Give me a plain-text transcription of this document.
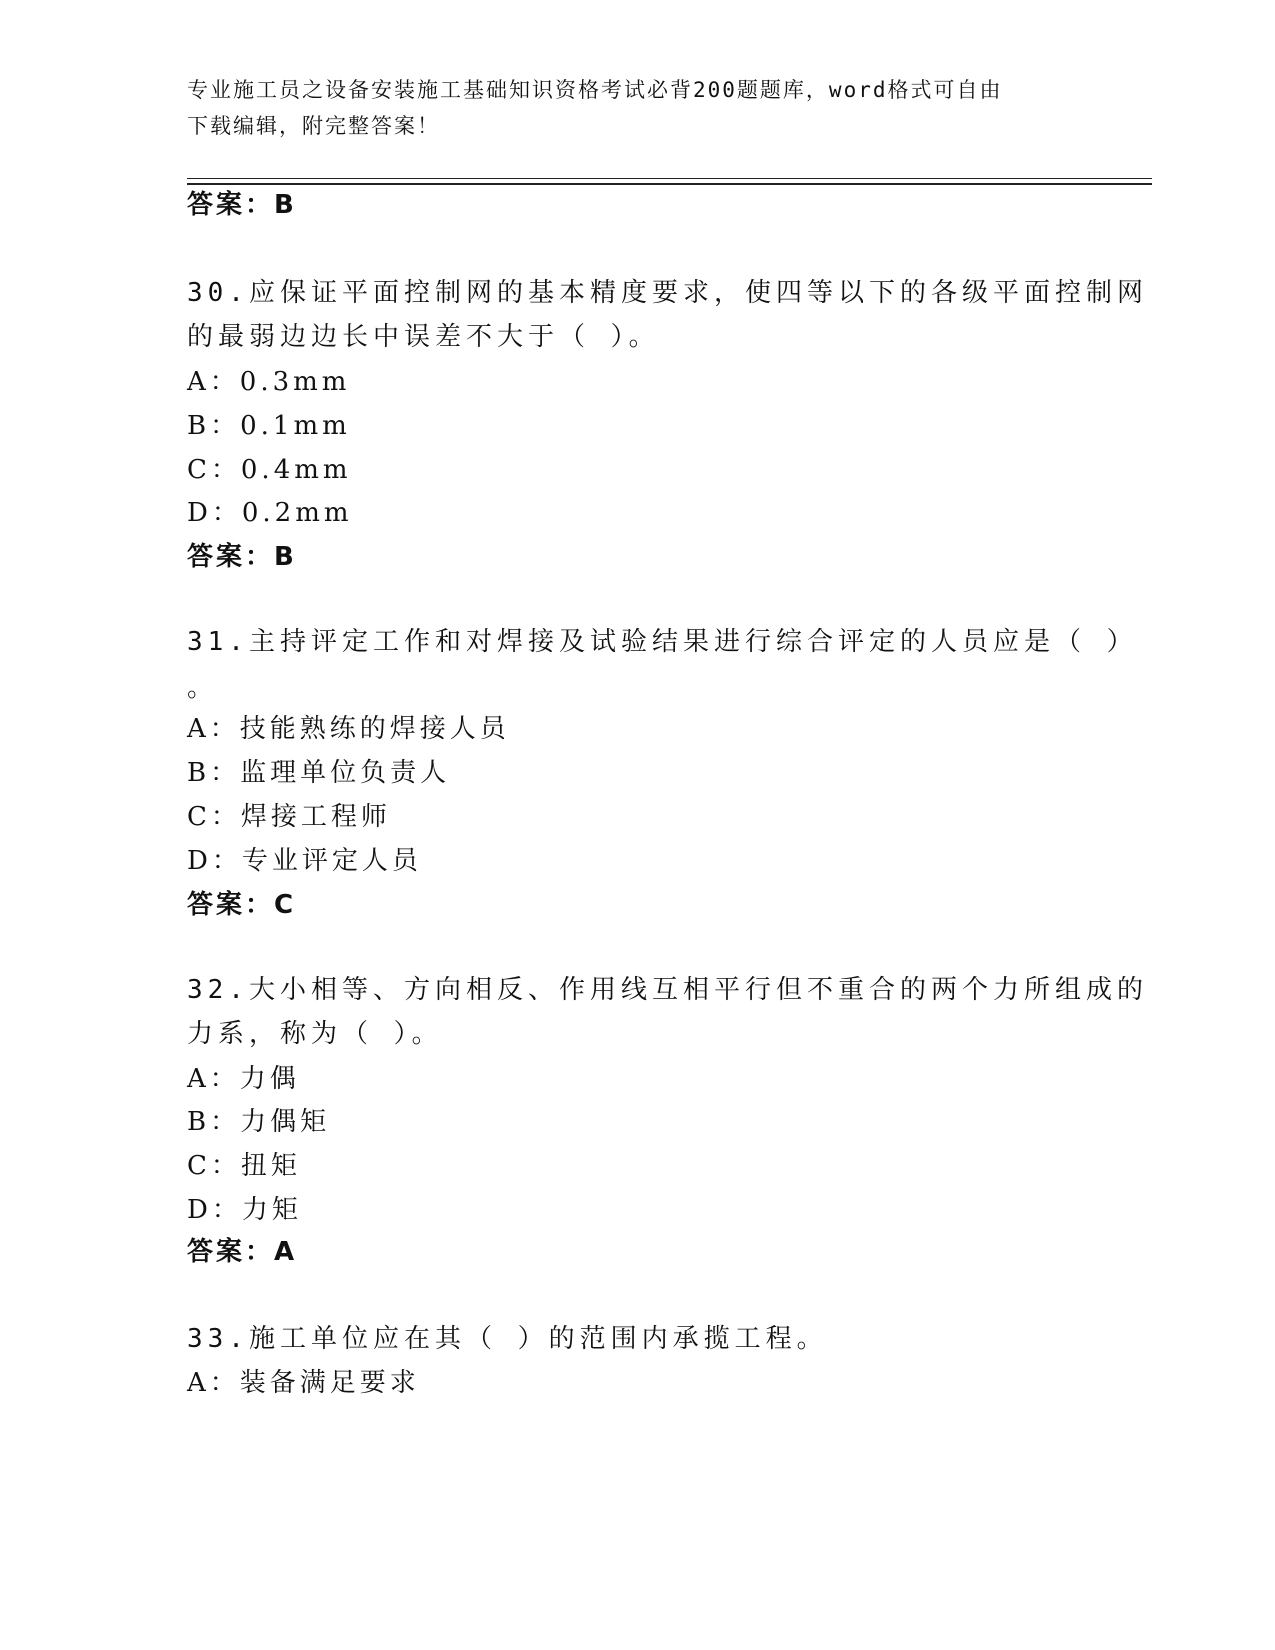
专业施工员之设备安装施工基础知识资格考试必背200题题库，word格式可自由
下载编辑，附完整答案！
答案：B
30.应保证平面控制网的基本精度要求，使四等以下的各级平面控制网
的最弱边边长中误差不大于（ ）。
A：0.3mm
B：0.1mm
C：0.4mm
D：0.2mm
答案：B
31.主持评定工作和对焊接及试验结果进行综合评定的人员应是（ ）
。
A：技能熟练的焊接人员
B：监理单位负责人
C：焊接工程师
D：专业评定人员
答案：C
32.大小相等、方向相反、作用线互相平行但不重合的两个力所组成的
力系，称为（ ）。
A：力偶
B：力偶矩
C：扭矩
D：力矩
答案：A
33.施工单位应在其（ ）的范围内承揽工程。
A：装备满足要求
